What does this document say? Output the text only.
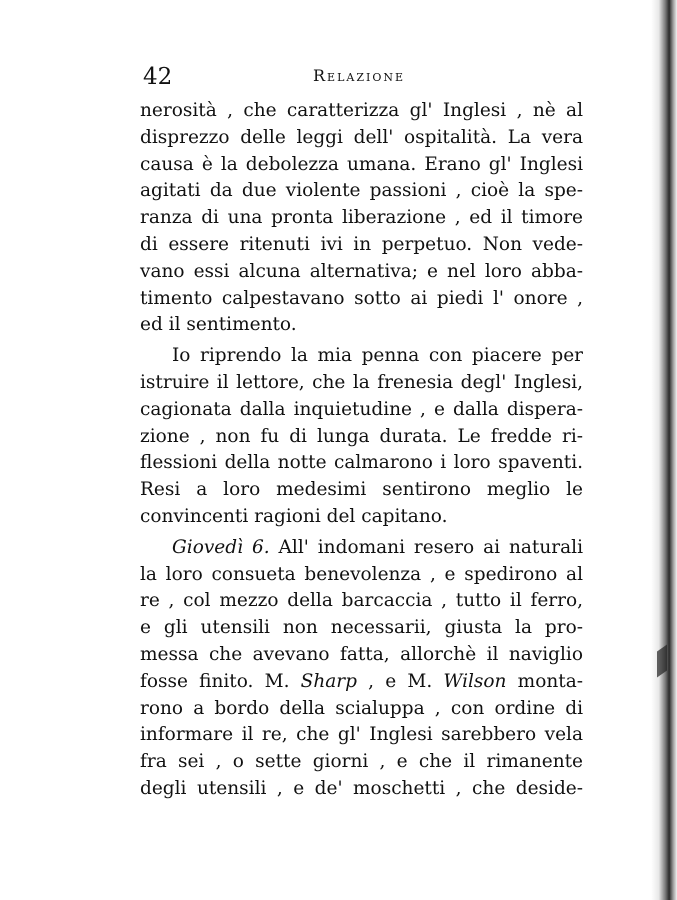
42	Relazione
nerosità , che caratterizza gl' Inglesi , nè al
disprezzo delle leggi dell' ospitalità. La vera
causa è la debolezza umana. Erano gl' Inglesi
agitati da due violente passioni , cioè la spe-
ranza di una pronta liberazione , ed il timore
di essere ritenuti ivi in perpetuo. Non vede-
vano essi alcuna alternativa; e nel loro abba-
timento calpestavano sotto ai piedi l' onore ,
ed il sentimento.
Io riprendo la mia penna con piacere per
istruire il lettore, che la frenesia degl' Inglesi,
cagionata dalla inquietudine , e dalla dispera-
zione , non fu di lunga durata. Le fredde ri-
flessioni della notte calmarono i loro spaventi.
Resi a loro medesimi sentirono meglio le
convincenti ragioni del capitano.
Giovedì 6. All' indomani resero ai naturali
la loro consueta benevolenza , e spedirono al
re , col mezzo della barcaccia , tutto il ferro,
e gli utensili non necessarii, giusta la pro-
messa che avevano fatta, allorchè il naviglio
fosse finito. M. Sharp , e M. Wilson monta-
rono a bordo della scialuppa , con ordine di
informare il re, che gl' Inglesi sarebbero vela
fra sei , o sette giorni , e che il rimanente
degli utensili , e de' moschetti , che deside-
